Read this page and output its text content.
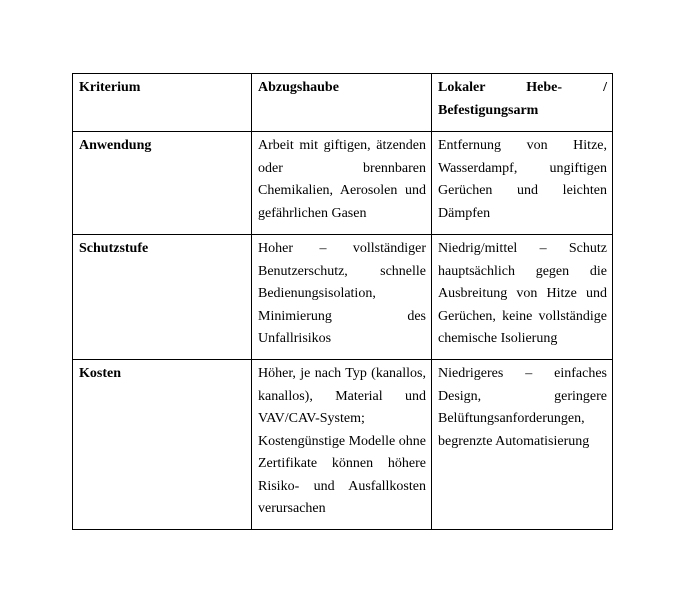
Kriterium	Abzugshaube	Lokaler Hebe- / Befestigungsarm
Anwendung	Arbeit mit giftigen, ätzenden oder brennbaren Chemikalien, Aerosolen und gefährlichen Gasen	Entfernung von Hitze, Wasserdampf, ungiftigen Gerüchen und leichten Dämpfen
Schutzstufe	Hoher – vollständiger Benutzerschutz, schnelle Bedienungsisolation, Minimierung des Unfallrisikos	Niedrig/mittel – Schutz hauptsächlich gegen die Ausbreitung von Hitze und Gerüchen, keine vollständige chemische Isolierung
Kosten	Höher, je nach Typ (kanallos, kanallos), Material und VAV/CAV-System; Kostengünstige Modelle ohne Zertifikate können höhere Risiko- und Ausfallkosten verursachen	Niedrigeres – einfaches Design, geringere Belüftungsanforderungen, begrenzte Automatisierung
